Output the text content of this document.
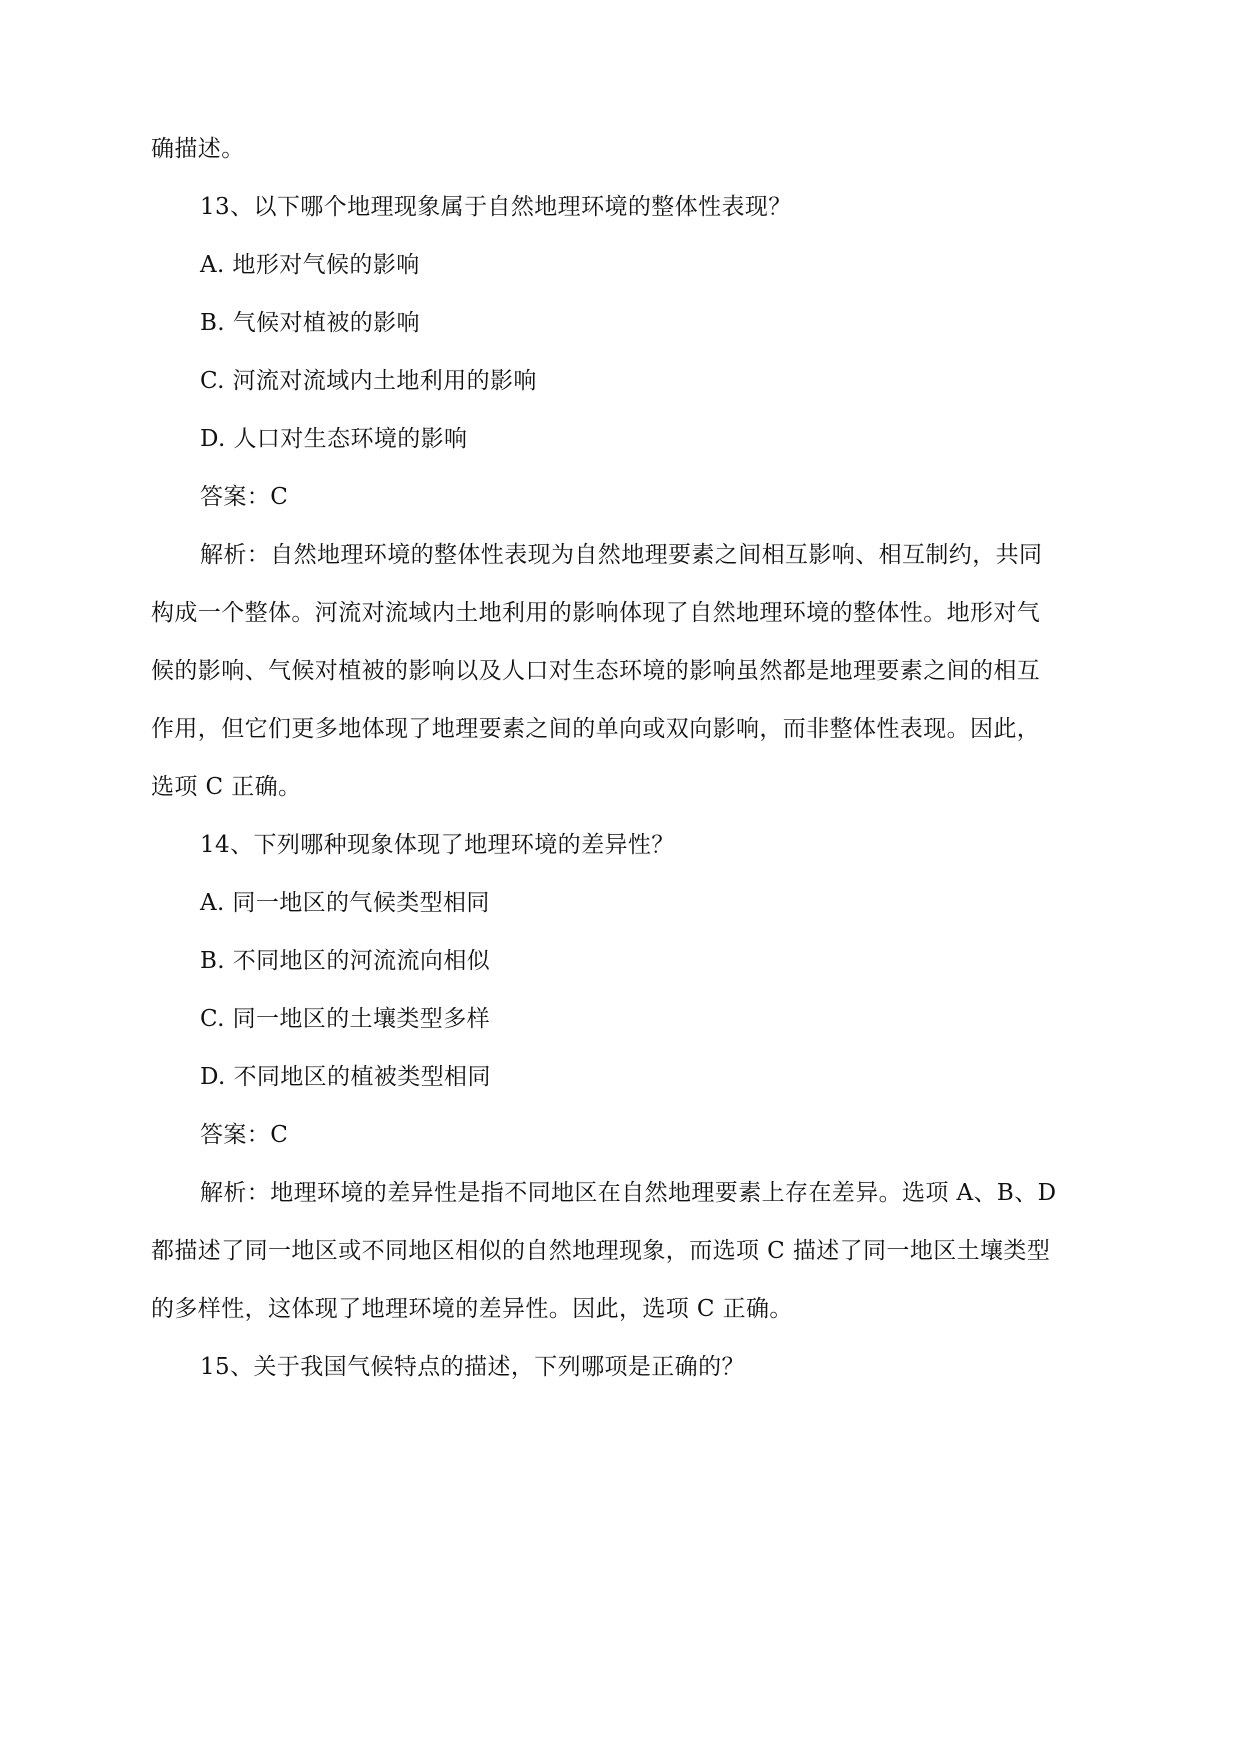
确描述。
13、以下哪个地理现象属于自然地理环境的整体性表现？
A. 地形对气候的影响
B. 气候对植被的影响
C. 河流对流域内土地利用的影响
D. 人口对生态环境的影响
答案：C
解析：自然地理环境的整体性表现为自然地理要素之间相互影响、相互制约，共同
构成一个整体。河流对流域内土地利用的影响体现了自然地理环境的整体性。地形对气
候的影响、气候对植被的影响以及人口对生态环境的影响虽然都是地理要素之间的相互
作用，但它们更多地体现了地理要素之间的单向或双向影响，而非整体性表现。因此，
选项 C 正确。
14、下列哪种现象体现了地理环境的差异性？
A. 同一地区的气候类型相同
B. 不同地区的河流流向相似
C. 同一地区的土壤类型多样
D. 不同地区的植被类型相同
答案：C
解析：地理环境的差异性是指不同地区在自然地理要素上存在差异。选项 A、B、D
都描述了同一地区或不同地区相似的自然地理现象，而选项 C 描述了同一地区土壤类型
的多样性，这体现了地理环境的差异性。因此，选项 C 正确。
15、关于我国气候特点的描述，下列哪项是正确的？
